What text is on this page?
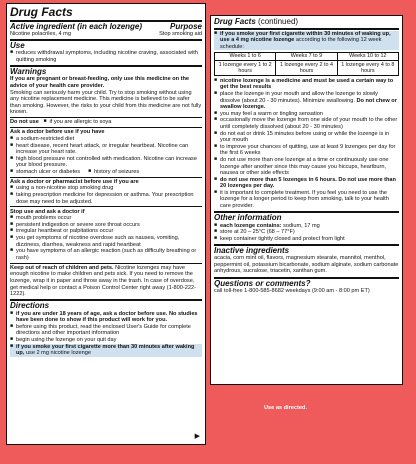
Drug Facts
Active ingredient (in each lozenge)	Purpose
Nicotine polacrilex, 4 mg	Stop smoking aid
Use
■ reduces withdrawal symptoms, including nicotine craving, associated with quitting smoking
Warnings
If you are pregnant or breast-feeding, only use this medicine on the advice of your health care provider.
Smoking can seriously harm your child. Try to stop smoking without using any nicotine replacement medicine. This medicine is believed to be safer than smoking. However, the risks to your child from this medicine are not fully known.
Do not use ■ if you are allergic to soya
Ask a doctor before use if you have
■ a sodium-restricted diet
■ heart disease, recent heart attack, or irregular heartbeat. Nicotine can increase your heart rate.
■ high blood pressure not controlled with medication. Nicotine can increase your blood pressure.
■ stomach ulcer or diabetes	■ history of seizures
Ask a doctor or pharmacist before use if you are
■ using a non-nicotine stop smoking drug
■ taking prescription medicine for depression or asthma. Your prescription dose may need to be adjusted.
Stop use and ask a doctor if
■ mouth problems occur
■ persistent indigestion or severe sore throat occurs
■ irregular heartbeat or palpitations occur
■ you get symptoms of nicotine overdose such as nausea, vomiting, dizziness, diarrhea, weakness and rapid heartbeat
■ you have symptoms of an allergic reaction (such as difficulty breathing or rash)
Keep out of reach of children and pets. Nicotine lozenges may have enough nicotine to make children and pets sick. If you need to remove the lozenge, wrap it in paper and throw away in the trash. In case of overdose, get medical help or contact a Poison Control Center right away (1-800-222-1222).
Directions
■ if you are under 18 years of age, ask a doctor before use. No studies have been done to show if this product will work for you.
■ before using this product, read the enclosed User's Guide for complete directions and other important information
■ begin using the lozenge on your quit day
■ if you smoke your first cigarette more than 30 minutes after waking up, use 2 mg nicotine lozenge
▶
Drug Facts (continued)
■ if you smoke your first cigarette within 30 minutes of waking up, use a 4 mg nicotine lozenge according to the following 12 week schedule:
Weeks 1 to 6	Weeks 7 to 9	Weeks 10 to 12
1 lozenge every 1 to 2 hours	1 lozenge every 2 to 4 hours	1 lozenge every 4 to 8 hours
■ nicotine lozenge is a medicine and must be used a certain way to get the best results
■ place the lozenge in your mouth and allow the lozenge to slowly dissolve (about 20 - 30 minutes). Minimize swallowing. Do not chew or swallow lozenge.
■ you may feel a warm or tingling sensation
■ occasionally move the lozenge from one side of your mouth to the other until completely dissolved (about 20 - 30 minutes)
■ do not eat or drink 15 minutes before using or while the lozenge is in your mouth
■ to improve your chances of quitting, use at least 9 lozenges per day for the first 6 weeks
■ do not use more than one lozenge at a time or continuously use one lozenge after another since this may cause you hiccups, heartburn, nausea or other side effects
■ do not use more than 5 lozenges in 6 hours. Do not use more than 20 lozenges per day.
■ it is important to complete treatment. If you feel you need to use the lozenge for a longer period to keep from smoking, talk to your health care provider.
Other information
■ each lozenge contains: sodium, 17 mg
■ store at 20 – 25°C (68 – 77°F)
■ keep container tightly closed and protect from light
Inactive ingredients
acacia, corn mint oil, flavors, magnesium stearate, mannitol, menthol, peppermint oil, potassium bicarbonate, sodium alginate, sodium carbonate anhydrous, sucralose, triacetin, xanthan gum.
Questions or comments?
call toll-free 1-800-585-8682 weekdays (9:00 am - 8:00 pm ET)
Use as directed.
